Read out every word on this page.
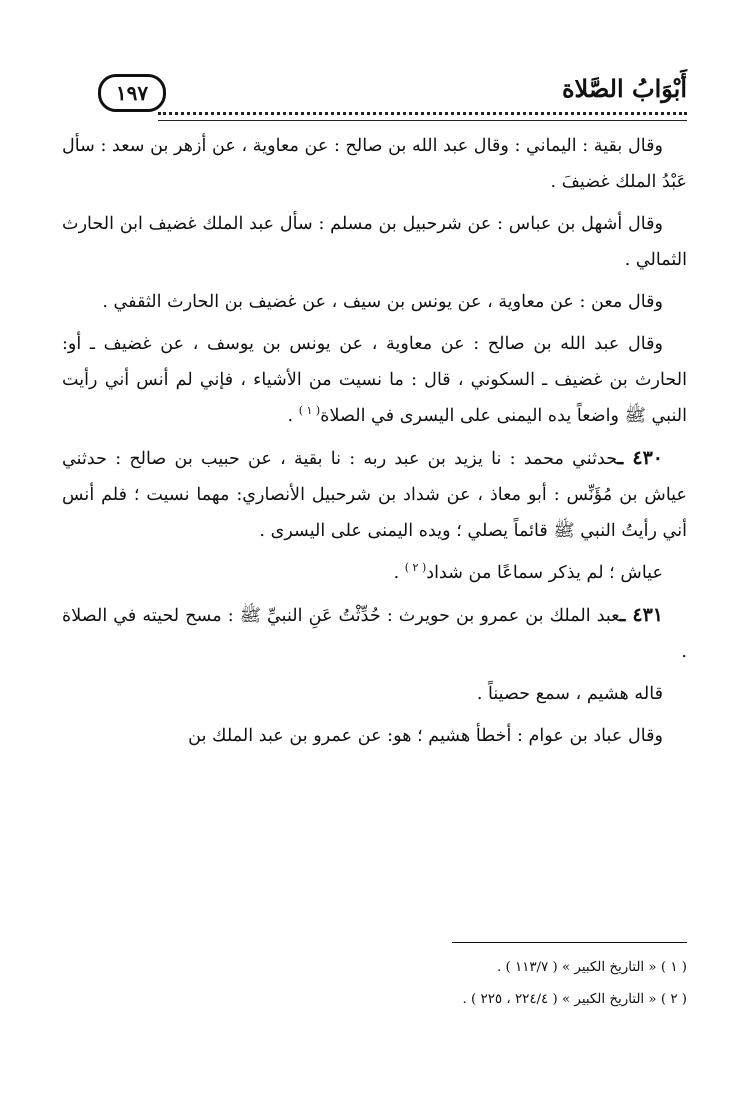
أَبْوَابُ الصَّلاة
١٩٧

وقال بقية : اليماني : وقال عبد الله بن صالح : عن معاوية ، عن أزهر بن سعد : سأل عَبْدُ الملك غضيفَ .

وقال أشهل بن عباس : عن شرحبيل بن مسلم : سأل عبد الملك غضيف ابن الحارث الثمالي .

وقال معن : عن معاوية ، عن يونس بن سيف ، عن غضيف بن الحارث الثقفي .

وقال عبد الله بن صالح : عن معاوية ، عن يونس بن يوسف ، عن غضيف ـ أو: الحارث بن غضيف ـ السكوني ، قال : ما نسيت من الأشياء ، فإني لم أنس أني رأيت النبي ﷺ واضعاً يده اليمنى على اليسرى في الصلاة$^{( ١ )}$ .

٤٣٠ ـحدثني محمد : نا يزيد بن عبد ربه : نا بقية ، عن حبيب بن صالح : حدثني عياش بن مُؤَنِّس : أبو معاذ ، عن شداد بن شرحبيل الأنصاري: مهما نسيت ؛ فلم أنس أني رأيتُ النبي ﷺ قائماً يصلي ؛ ويده اليمنى على اليسرى .

عياش ؛ لم يذكر سماعًا من شداد$^{( ٢ )}$ .

٤٣١ ـعبد الملك بن عمرو بن حويرث : حُدِّثْتُ عَنِ النبيِّ ﷺ : مسح لحيته في الصلاة .

قاله هشيم ، سمع حصيناً .

وقال عباد بن عوام : أخطأ هشيم ؛ هو: عن عمرو بن عبد الملك بن

( ١ ) « التاريخ الكبير » ( ١١٣/٧ ) .
( ٢ ) « التاريخ الكبير » ( ٢٢٤/٤ ، ٢٢٥ ) .
